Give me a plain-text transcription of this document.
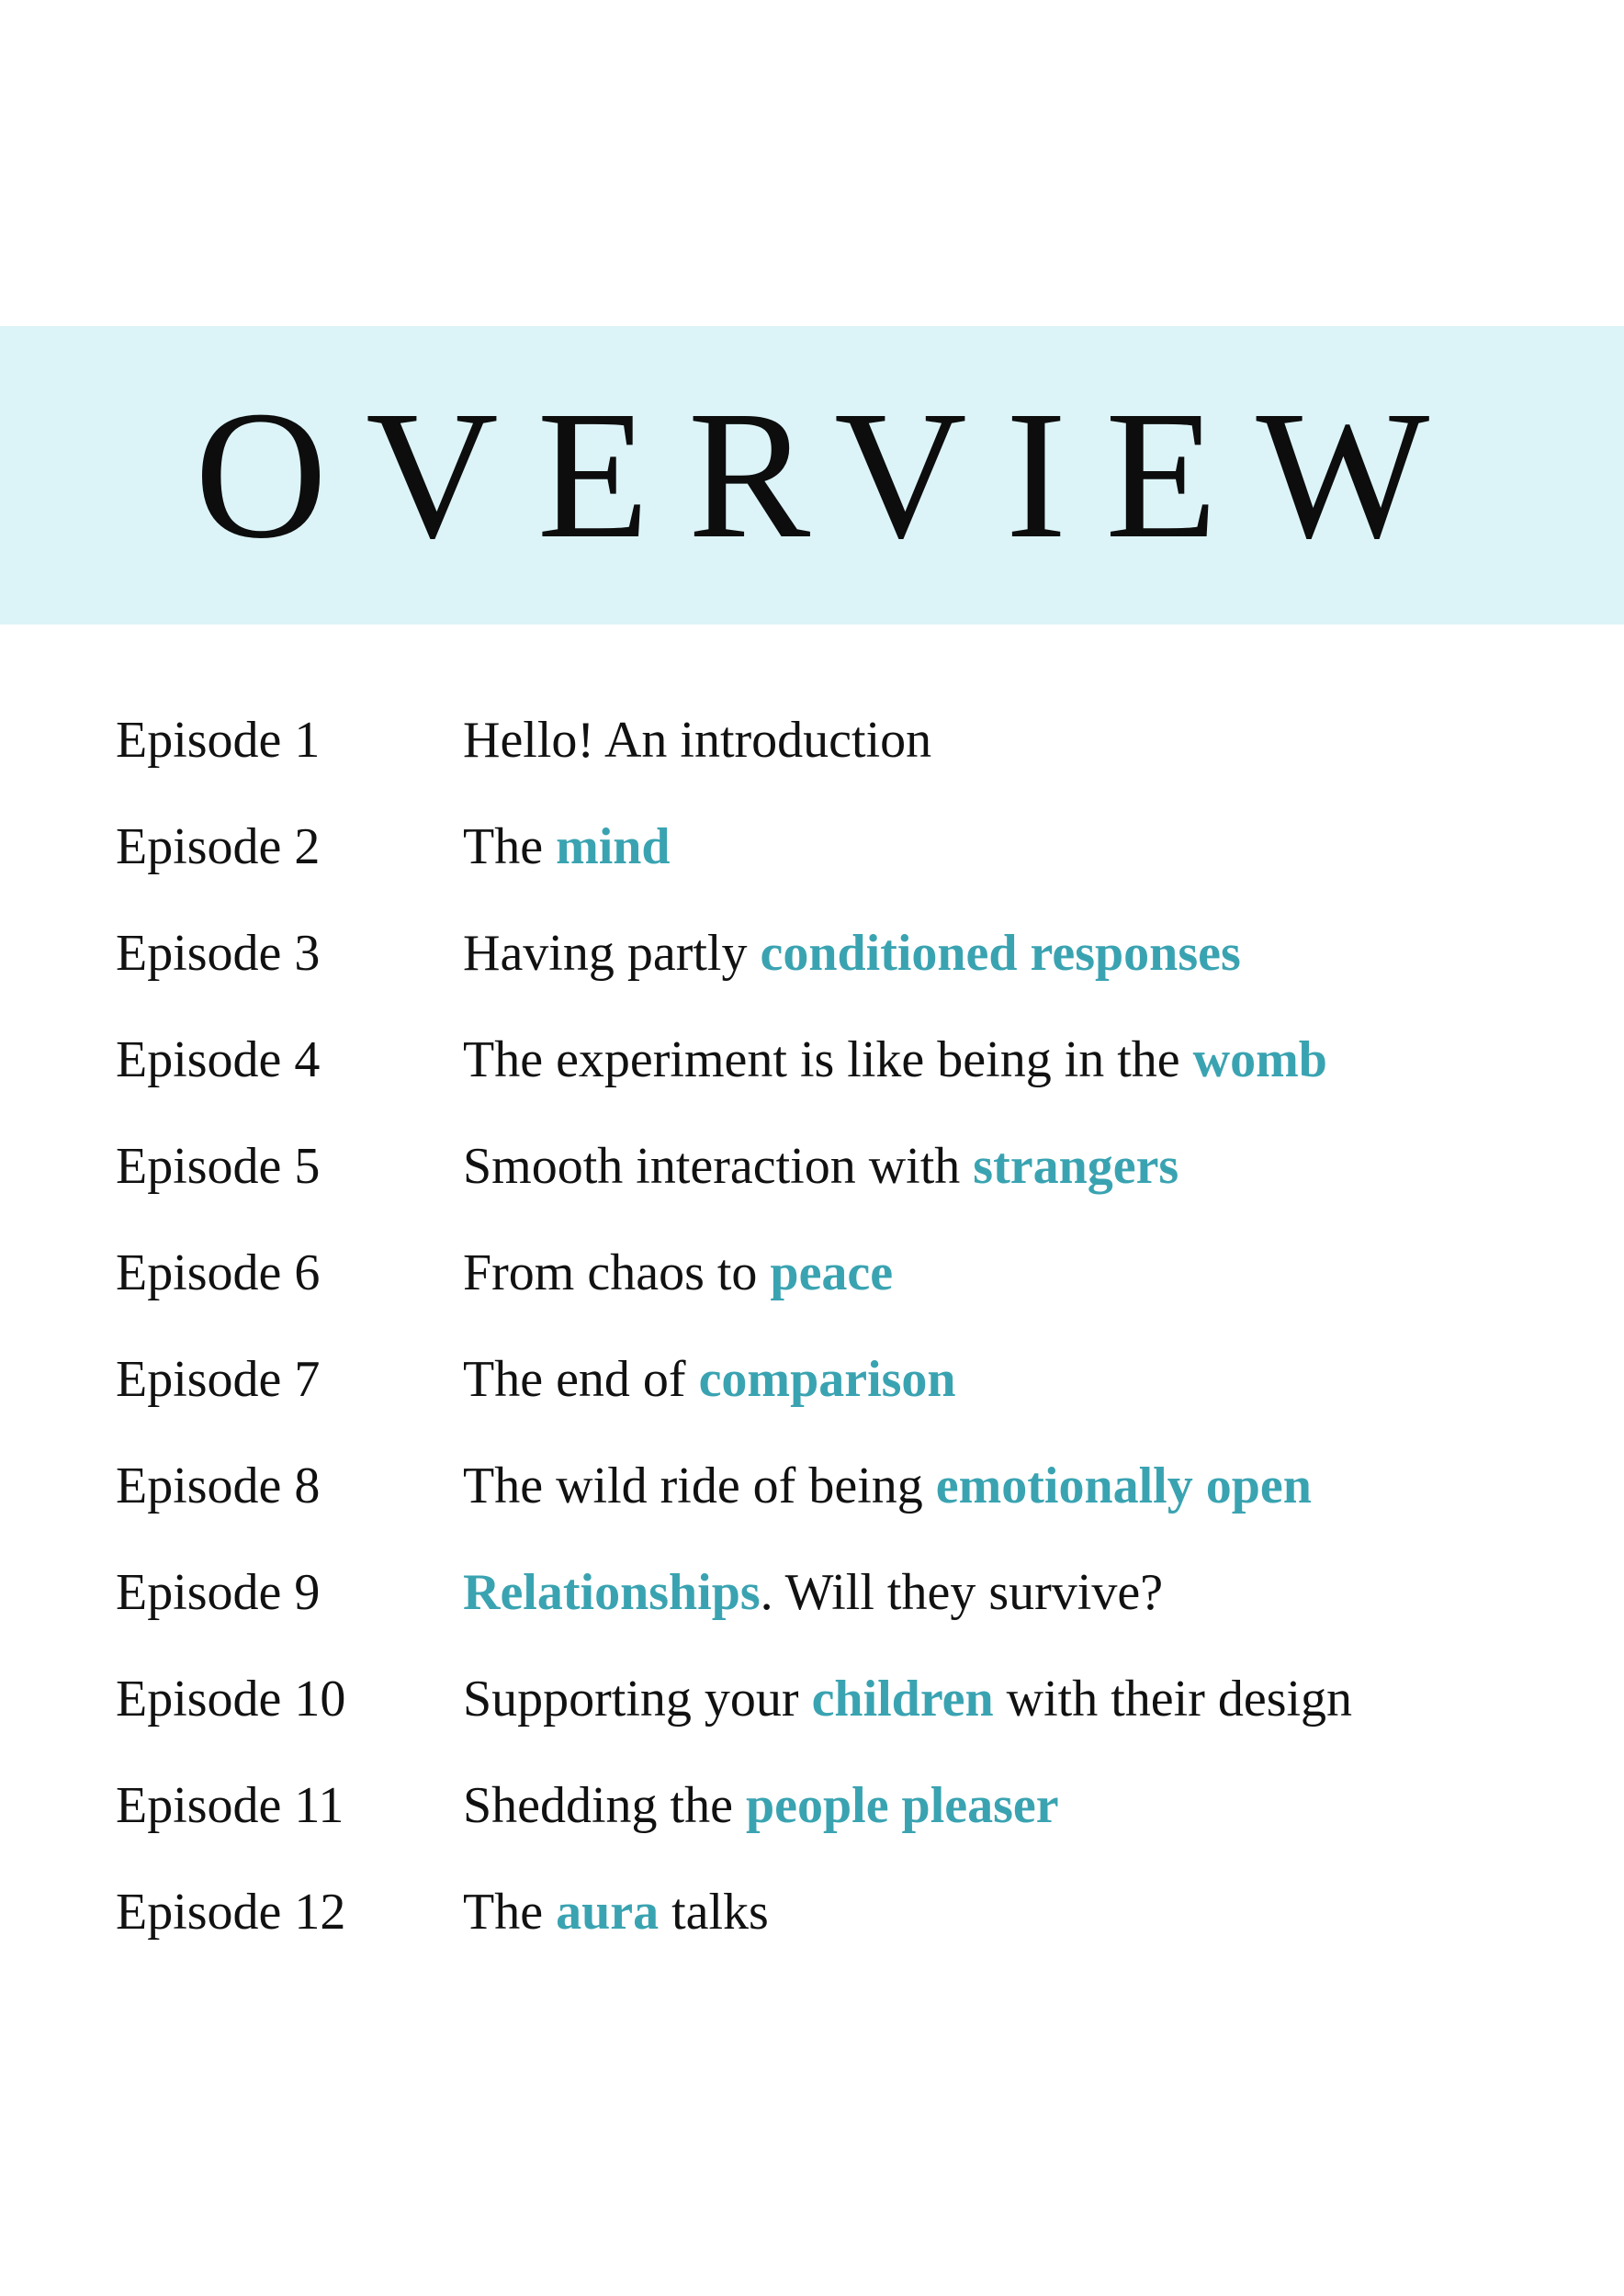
OVERVIEW
Episode 1	Hello! An introduction
Episode 2	The mind
Episode 3	Having partly conditioned responses
Episode 4	The experiment is like being in the womb
Episode 5	Smooth interaction with strangers
Episode 6	From chaos to peace
Episode 7	The end of comparison
Episode 8	The wild ride of being emotionally open
Episode 9	Relationships. Will they survive?
Episode 10	Supporting your children with their design
Episode 11	Shedding the people pleaser
Episode 12	The aura talks
